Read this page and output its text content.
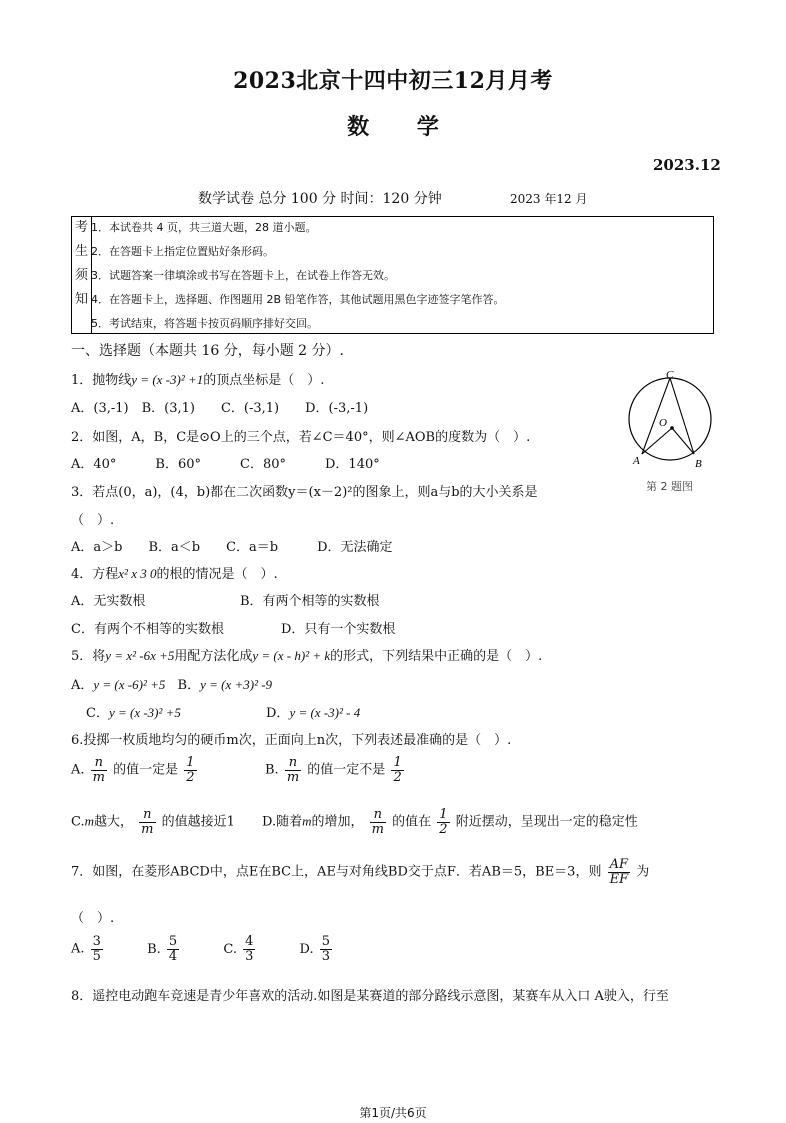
2023北京十四中初三12月月考
数 学
2023.12
数学试卷 总分 100 分 时间：120 分钟	2023 年12 月
考
生
须
知
1．本试卷共 4 页，共三道大题，28 道小题。
2．在答题卡上指定位置贴好条形码。
3．试题答案一律填涂或书写在答题卡上，在试卷上作答无效。
4．在答题卡上，选择题、作图题用 2B 铅笔作答，其他试题用黑色字迹签字笔作答。
5．考试结束，将答题卡按页码顺序排好交回。
一、选择题（本题共 16 分，每小题 2 分）.
1．抛物线y = (x -3)² +1的顶点坐标是（　）.
A．(3,-1)　B．(3,1)　　C．(-3,1)　　D．(-3,-1)
2．如图，A，B，C是⊙O上的三个点，若∠C＝40°，则∠AOB的度数为（　）.
A．40°　　　B．60°　　　C．80°　　　D．140°
C
O
A	B
第 2 题图
3．若点(0，a)，(4，b)都在二次函数y＝(x－2)²的图象上，则a与b的大小关系是
（　）.
A．a＞b　　B．a＜b　　C．a＝b　　　D．无法确定
4．方程x² x 3 0的根的情况是（　）.
A．无实数根	B．有两个相等的实数根
C．有两个不相等的实数根	D．只有一个实数根
5．将y = x² -6x +5用配方法化成y = (x - h)² + k的形式，下列结果中正确的是（　）.
A．y = (x -6)² +5 B．y = (x +3)² -9
C．y = (x -3)² +5	D．y = (x -3)² - 4
6.投掷一枚质地均匀的硬币m次，正面向上n次，下列表述最准确的是（　）.
A. $\frac{n}{m}$ 的值一定是 $\frac{1}{2}$	B. $\frac{n}{m}$ 的值一定不是 $\frac{1}{2}$
C.m越大， $\frac{n}{m}$ 的值越接近1 D.随着m的增加， $\frac{n}{m}$ 的值在 $\frac{1}{2}$ 附近摆动，呈现出一定的稳定性
7．如图，在菱形ABCD中，点E在BC上，AE与对角线BD交于点F．若AB＝5，BE＝3，则 $\frac{AF}{EF}$ 为
（　）.
A. $\frac{3}{5}$	B. $\frac{5}{4}$	C. $\frac{4}{3}$	D. $\frac{5}{3}$
8．遥控电动跑车竞速是青少年喜欢的活动.如图是某赛道的部分路线示意图，某赛车从入口 A驶入，行至
第1页/共6页
